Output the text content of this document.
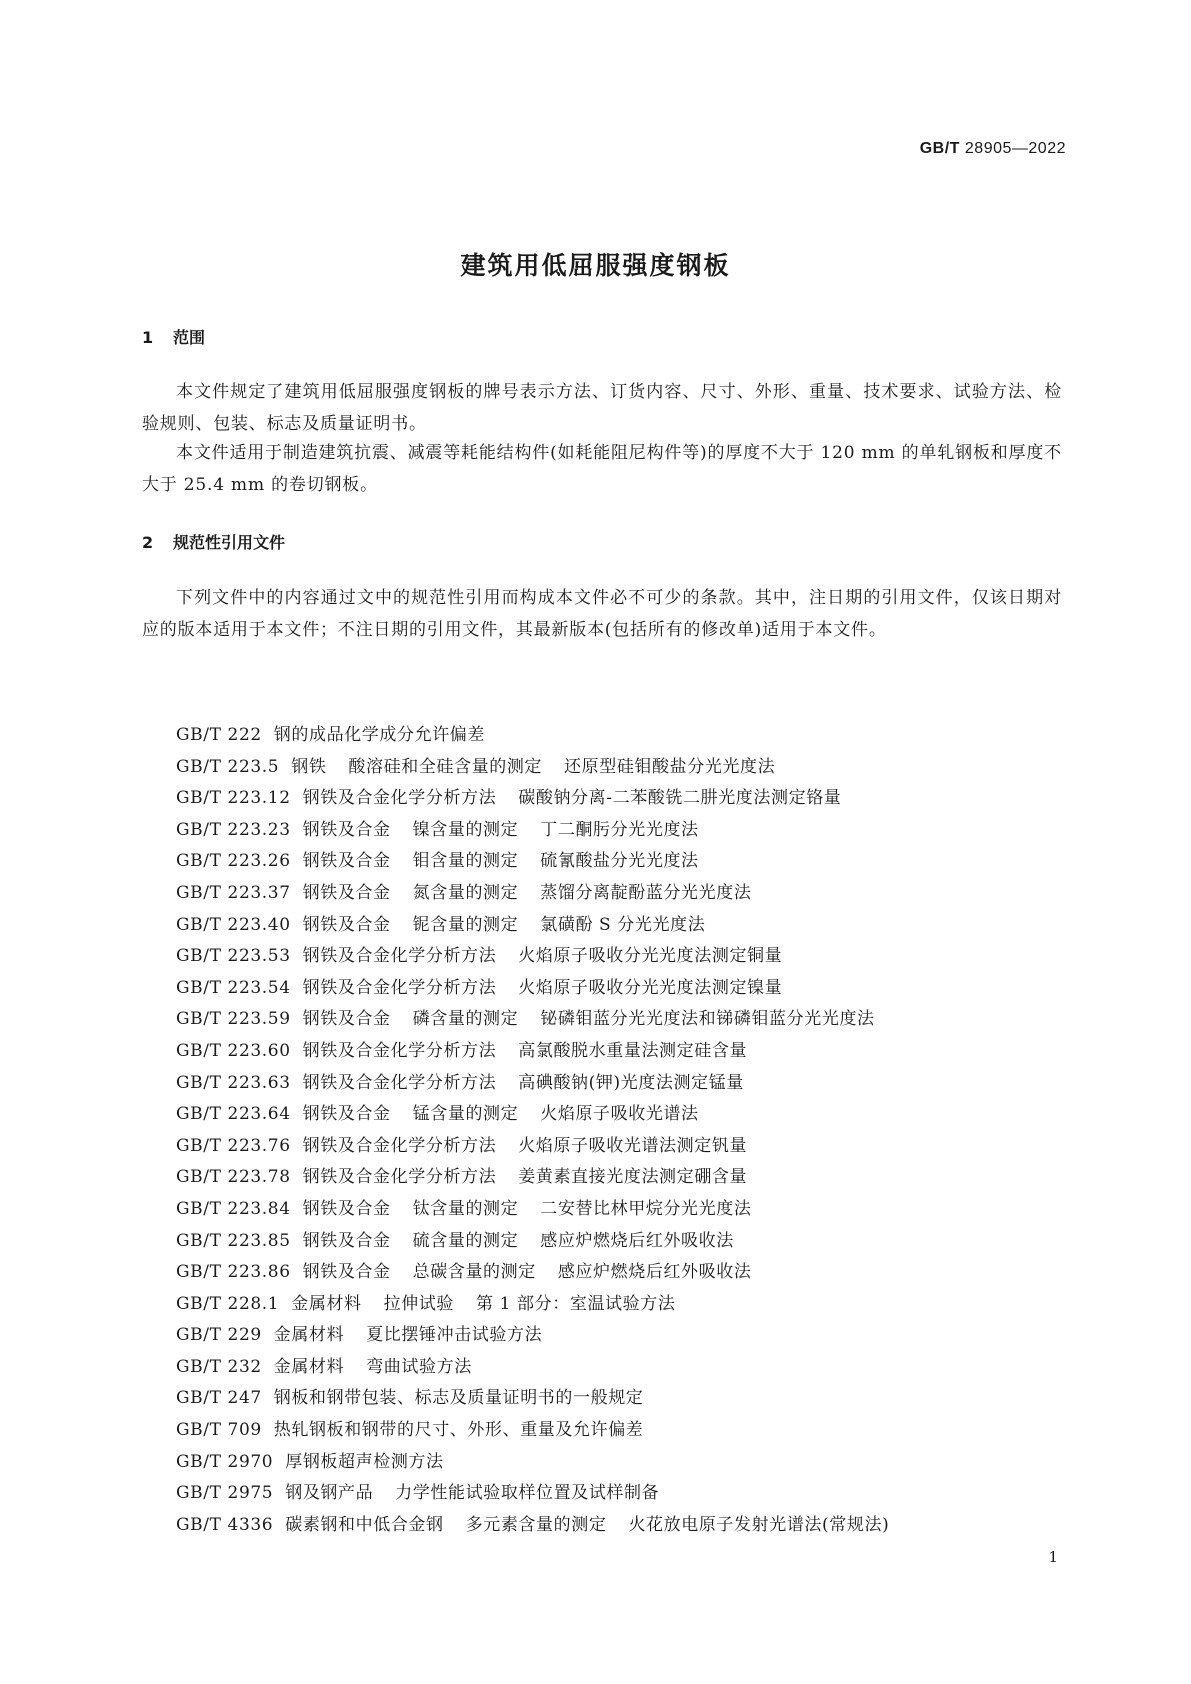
GB/T 28905—2022
建筑用低屈服强度钢板
1 范围

本文件规定了建筑用低屈服强度钢板的牌号表示方法、订货内容、尺寸、外形、重量、技术要求、试验方法、检验规则、包装、标志及质量证明书。

本文件适用于制造建筑抗震、减震等耗能结构件(如耗能阻尼构件等)的厚度不大于 120 mm 的单轧钢板和厚度不大于 25.4 mm 的卷切钢板。

2 规范性引用文件

下列文件中的内容通过文中的规范性引用而构成本文件必不可少的条款。其中，注日期的引用文件，仅该日期对应的版本适用于本文件；不注日期的引用文件，其最新版本(包括所有的修改单)适用于本文件。

GB/T 222 钢的成品化学成分允许偏差
GB/T 223.5 钢铁 酸溶硅和全硅含量的测定 还原型硅钼酸盐分光光度法
GB/T 223.12 钢铁及合金化学分析方法 碳酸钠分离-二苯酸铣二肼光度法测定铬量
GB/T 223.23 钢铁及合金 镍含量的测定 丁二酮肟分光光度法
GB/T 223.26 钢铁及合金 钼含量的测定 硫氰酸盐分光光度法
GB/T 223.37 钢铁及合金 氮含量的测定 蒸馏分离靛酚蓝分光光度法
GB/T 223.40 钢铁及合金 铌含量的测定 氯磺酚 S 分光光度法
GB/T 223.53 钢铁及合金化学分析方法 火焰原子吸收分光光度法测定铜量
GB/T 223.54 钢铁及合金化学分析方法 火焰原子吸收分光光度法测定镍量
GB/T 223.59 钢铁及合金 磷含量的测定 铋磷钼蓝分光光度法和锑磷钼蓝分光光度法
GB/T 223.60 钢铁及合金化学分析方法 高氯酸脱水重量法测定硅含量
GB/T 223.63 钢铁及合金化学分析方法 高碘酸钠(钾)光度法测定锰量
GB/T 223.64 钢铁及合金 锰含量的测定 火焰原子吸收光谱法
GB/T 223.76 钢铁及合金化学分析方法 火焰原子吸收光谱法测定钒量
GB/T 223.78 钢铁及合金化学分析方法 姜黄素直接光度法测定硼含量
GB/T 223.84 钢铁及合金 钛含量的测定 二安替比林甲烷分光光度法
GB/T 223.85 钢铁及合金 硫含量的测定 感应炉燃烧后红外吸收法
GB/T 223.86 钢铁及合金 总碳含量的测定 感应炉燃烧后红外吸收法
GB/T 228.1 金属材料 拉伸试验 第 1 部分：室温试验方法
GB/T 229 金属材料 夏比摆锤冲击试验方法
GB/T 232 金属材料 弯曲试验方法
GB/T 247 钢板和钢带包装、标志及质量证明书的一般规定
GB/T 709 热轧钢板和钢带的尺寸、外形、重量及允许偏差
GB/T 2970 厚钢板超声检测方法
GB/T 2975 钢及钢产品 力学性能试验取样位置及试样制备
GB/T 4336 碳素钢和中低合金钢 多元素含量的测定 火花放电原子发射光谱法(常规法)
1
